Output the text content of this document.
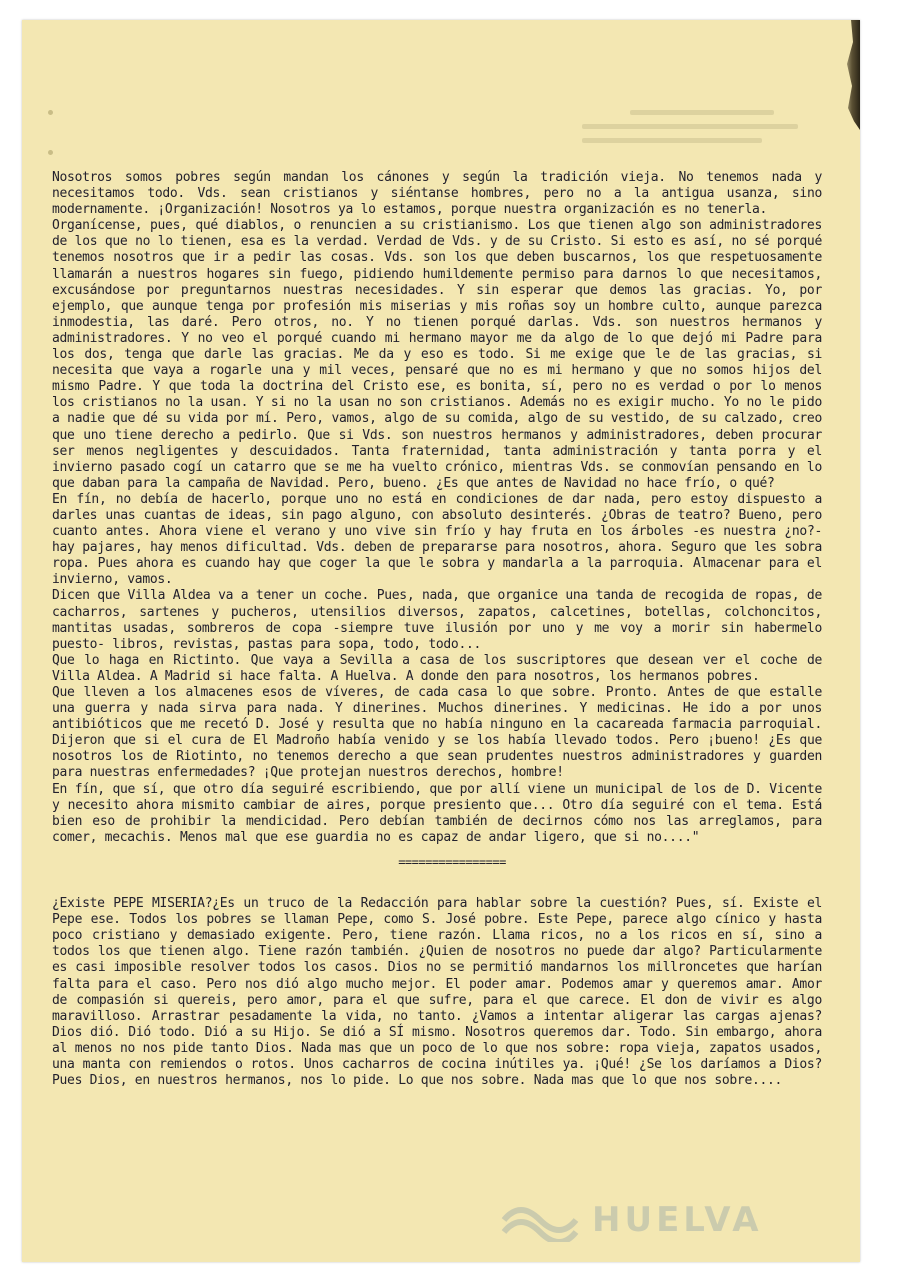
Nosotros somos pobres según mandan los cánones y según la tradición vieja. No tenemos nada y necesitamos todo. Vds. sean cristianos y siéntanse hombres, pero no a la antigua usanza, sino modernamente. ¡Organización! Nosotros ya lo estamos, porque nuestra organización es no tenerla.

Organícense, pues, qué diablos, o renuncien a su cristianismo. Los que tienen algo son administradores de los que no lo tienen, esa es la verdad. Verdad de Vds. y de su Cristo. Si esto es así, no sé porqué tenemos nosotros que ir a pedir las cosas. Vds. son los que deben buscarnos, los que respetuosamente llamarán a nuestros hogares sin fuego, pidiendo humildemente permiso para darnos lo que necesitamos, excusándose por preguntarnos nuestras necesidades. Y sin esperar que demos las gracias. Yo, por ejemplo, que aunque tenga por profesión mis miserias y mis roñas soy un hombre culto, aunque parezca inmodestia, las daré. Pero otros, no. Y no tienen porqué darlas. Vds. son nuestros hermanos y administradores. Y no veo el porqué cuando mi hermano mayor me da algo de lo que dejó mi Padre para los dos, tenga que darle las gracias. Me da y eso es todo. Si me exige que le de las gracias, si necesita que vaya a rogarle una y mil veces, pensaré que no es mi hermano y que no somos hijos del mismo Padre. Y que toda la doctrina del Cristo ese, es bonita, sí, pero no es verdad o por lo menos los cristianos no la usan. Y si no la usan no son cristianos. Además no es exigir mucho. Yo no le pido a nadie que dé su vida por mí. Pero, vamos, algo de su comida, algo de su vestido, de su calzado, creo que uno tiene derecho a pedirlo. Que si Vds. son nuestros hermanos y administradores, deben procurar ser menos negligentes y descuidados. Tanta fraternidad, tanta administración y tanta porra y el invierno pasado cogí un catarro que se me ha vuelto crónico, mientras Vds. se conmovían pensando en lo que daban para la campaña de Navidad. Pero, bueno. ¿Es que antes de Navidad no hace frío, o qué?

En fín, no debía de hacerlo, porque uno no está en condiciones de dar nada, pero estoy dispuesto a darles unas cuantas de ideas, sin pago alguno, con absoluto desinterés. ¿Obras de teatro? Bueno, pero cuanto antes. Ahora viene el verano y uno vive sin frío y hay fruta en los árboles -es nuestra ¿no?- hay pajares, hay menos dificultad. Vds. deben de prepararse para nosotros, ahora. Seguro que les sobra ropa. Pues ahora es cuando hay que coger la que le sobra y mandarla a la parroquia. Almacenar para el invierno, vamos.

Dicen que Villa Aldea va a tener un coche. Pues, nada, que organice una tanda de recogida de ropas, de cacharros, sartenes y pucheros, utensilios diversos, zapatos, calcetines, botellas, colchoncitos, mantitas usadas, sombreros de copa -siempre tuve ilusión por uno y me voy a morir sin habermelo puesto- libros, revistas, pastas para sopa, todo, todo...

Que lo haga en Rictinto. Que vaya a Sevilla a casa de los suscriptores que desean ver el coche de Villa Aldea. A Madrid si hace falta. A Huelva. A donde den para nosotros, los hermanos pobres.

Que lleven a los almacenes esos de víveres, de cada casa lo que sobre. Pronto. Antes de que estalle una guerra y nada sirva para nada. Y dinerines. Muchos dinerines. Y medicinas. He ido a por unos antibióticos que me recetó D. José y resulta que no había ninguno en la cacareada farmacia parroquial. Dijeron que si el cura de El Madroño había venido y se los había llevado todos. Pero ¡bueno! ¿Es que nosotros los de Riotinto, no tenemos derecho a que sean prudentes nuestros administradores y guarden para nuestras enfermedades? ¡Que protejan nuestros derechos, hombre!

En fín, que sí, que otro día seguiré escribiendo, que por allí viene un municipal de los de D. Vicente y necesito ahora mismito cambiar de aires, porque presiento que... Otro día seguiré con el tema. Está bien eso de prohibir la mendicidad. Pero debían también de decirnos cómo nos las arreglamos, para comer, mecachis. Menos mal que ese guardia no es capaz de andar ligero, que si no...."

================

¿Existe PEPE MISERIA?¿Es un truco de la Redacción para hablar sobre la cuestión? Pues, sí. Existe el Pepe ese. Todos los pobres se llaman Pepe, como S. José pobre. Este Pepe, parece algo cínico y hasta poco cristiano y demasiado exigente. Pero, tiene razón. Llama ricos, no a los ricos en sí, sino a todos los que tienen algo. Tiene razón también. ¿Quien de nosotros no puede dar algo? Particularmente es casi imposible resolver todos los casos. Dios no se permitió mandarnos los millroncetes que harían falta para el caso. Pero nos dió algo mucho mejor. El poder amar. Podemos amar y queremos amar. Amor de compasión si quereis, pero amor, para el que sufre, para el que carece. El don de vivir es algo maravilloso. Arrastrar pesadamente la vida, no tanto. ¿Vamos a intentar aligerar las cargas ajenas? Dios dió. Dió todo. Dió a su Hijo. Se dió a SÍ mismo. Nosotros queremos dar. Todo. Sin embargo, ahora al menos no nos pide tanto Dios. Nada mas que un poco de lo que nos sobre: ropa vieja, zapatos usados, una manta con remiendos o rotos. Unos cacharros de cocina inútiles ya. ¡Qué! ¿Se los daríamos a Dios? Pues Dios, en nuestros hermanos, nos lo pide. Lo que nos sobre. Nada mas que lo que nos sobre....

HUELVA
